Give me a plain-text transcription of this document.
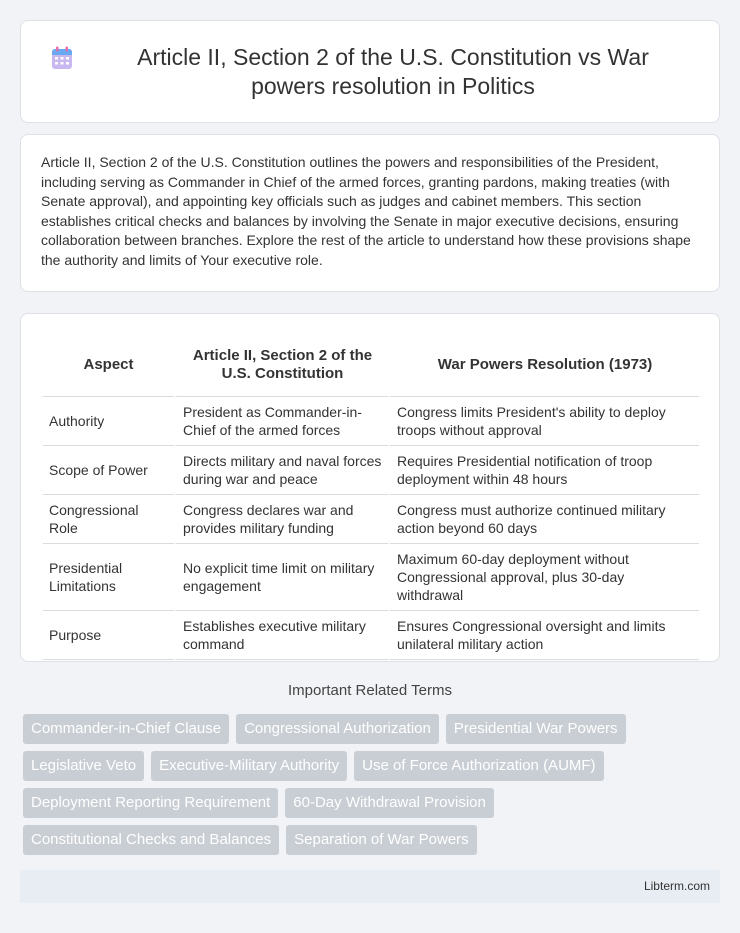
Article II, Section 2 of the U.S. Constitution vs War powers resolution in Politics

Article II, Section 2 of the U.S. Constitution outlines the powers and responsibilities of the President, including serving as Commander in Chief of the armed forces, granting pardons, making treaties (with Senate approval), and appointing key officials such as judges and cabinet members. This section establishes critical checks and balances by involving the Senate in major executive decisions, ensuring collaboration between branches. Explore the rest of the article to understand how these provisions shape the authority and limits of Your executive role.

Aspect	Article II, Section 2 of the U.S. Constitution	War Powers Resolution (1973)
Authority	President as Commander-in-Chief of the armed forces	Congress limits President's ability to deploy troops without approval
Scope of Power	Directs military and naval forces during war and peace	Requires Presidential notification of troop deployment within 48 hours
Congressional Role	Congress declares war and provides military funding	Congress must authorize continued military action beyond 60 days
Presidential Limitations	No explicit time limit on military engagement	Maximum 60-day deployment without Congressional approval, plus 30-day withdrawal
Purpose	Establishes executive military command	Ensures Congressional oversight and limits unilateral military action
Important Related Terms
Commander-in-Chief Clause	Congressional Authorization	Presidential War Powers
Legislative Veto	Executive-Military Authority	Use of Force Authorization (AUMF)
Deployment Reporting Requirement	60-Day Withdrawal Provision
Constitutional Checks and Balances	Separation of War Powers
Libterm.com
